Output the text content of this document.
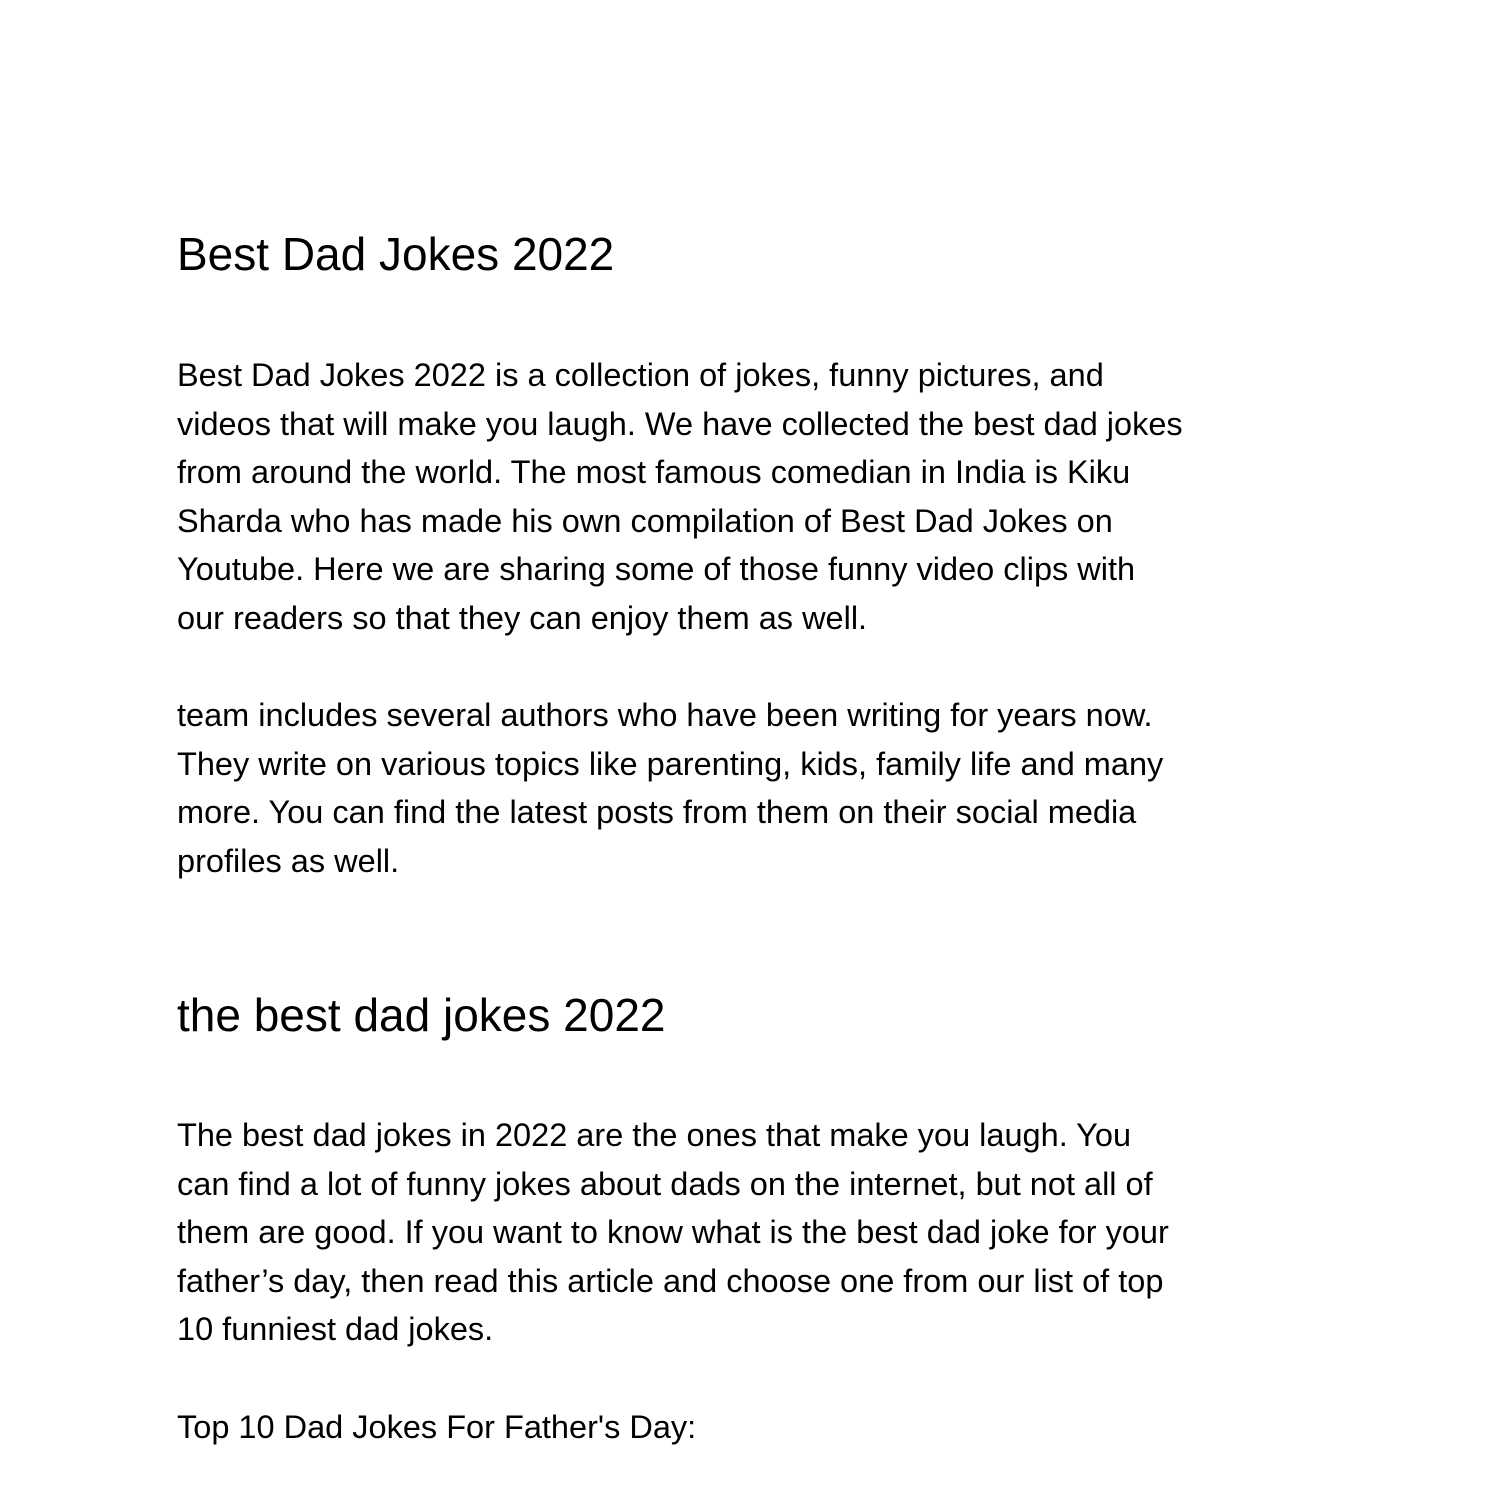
Best Dad Jokes 2022

Best Dad Jokes 2022 is a collection of jokes, funny pictures, and
videos that will make you laugh. We have collected the best dad jokes
from around the world. The most famous comedian in India is Kiku
Sharda who has made his own compilation of Best Dad Jokes on
Youtube. Here we are sharing some of those funny video clips with
our readers so that they can enjoy them as well.

team includes several authors who have been writing for years now.
They write on various topics like parenting, kids, family life and many
more. You can find the latest posts from them on their social media
profiles as well.

the best dad jokes 2022

The best dad jokes in 2022 are the ones that make you laugh. You
can find a lot of funny jokes about dads on the internet, but not all of
them are good. If you want to know what is the best dad joke for your
father’s day, then read this article and choose one from our list of top
10 funniest dad jokes.

Top 10 Dad Jokes For Father's Day:
